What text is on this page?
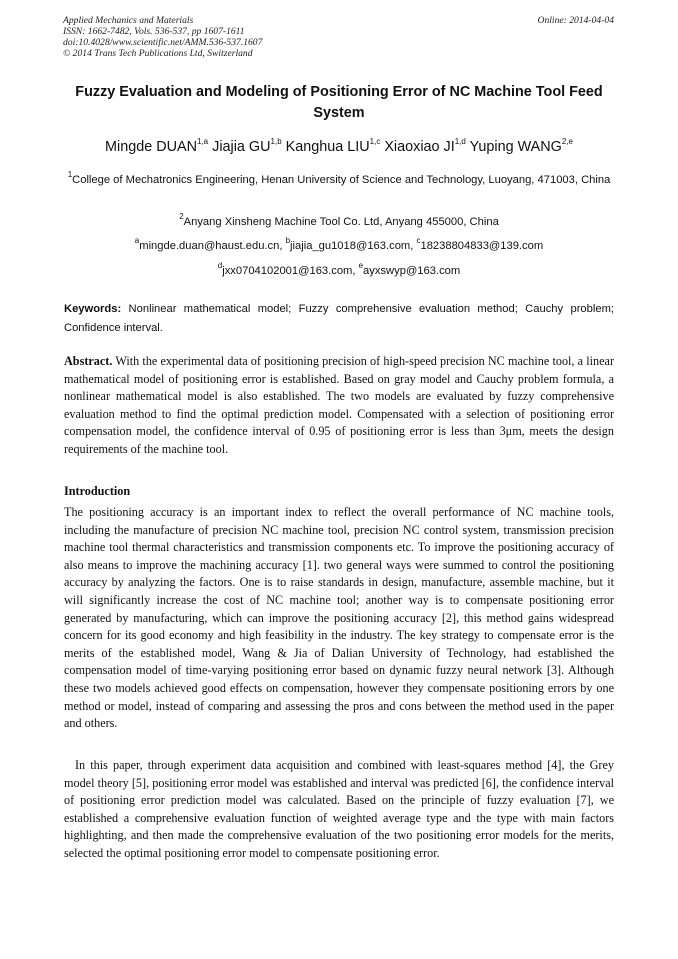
Applied Mechanics and Materials
ISSN: 1662-7482, Vols. 536-537, pp 1607-1611
doi:10.4028/www.scientific.net/AMM.536-537.1607
© 2014 Trans Tech Publications Ltd, Switzerland
Online: 2014-04-04
Fuzzy Evaluation and Modeling of Positioning Error of NC Machine Tool Feed System
Mingde DUAN$^{1,a}$ Jiajia GU$^{1,b}$ Kanghua LIU$^{1,c}$ Xiaoxiao JI$^{1,d}$ Yuping WANG$^{2,e}$
$^1$College of Mechatronics Engineering, Henan University of Science and Technology, Luoyang, 471003, China
$^2$Anyang Xinsheng Machine Tool Co. Ltd, Anyang 455000, China
$^a$mingde.duan@haust.edu.cn, $^b$jiajia_gu1018@163.com, $^c$18238804833@139.com
$^d$jxx0704102001@163.com, $^e$ayxswyp@163.com
Keywords: Nonlinear mathematical model; Fuzzy comprehensive evaluation method; Cauchy problem; Confidence interval.
Abstract. With the experimental data of positioning precision of high-speed precision NC machine tool, a linear mathematical model of positioning error is established. Based on gray model and Cauchy problem formula, a nonlinear mathematical model is also established. The two models are evaluated by fuzzy comprehensive evaluation method to find the optimal prediction model. Compensated with a selection of positioning error compensation model, the confidence interval of 0.95 of positioning error is less than 3μm, meets the design requirements of the machine tool.
Introduction
The positioning accuracy is an important index to reflect the overall performance of NC machine tools, including the manufacture of precision NC machine tool, precision NC control system, transmission precision machine tool thermal characteristics and transmission components etc. To improve the positioning accuracy of also means to improve the machining accuracy [1]. two general ways were summed to control the positioning accuracy by analyzing the factors. One is to raise standards in design, manufacture, assemble machine, but it will significantly increase the cost of NC machine tool; another way is to compensate positioning error generated by manufacturing, which can improve the positioning accuracy [2], this method gains widespread concern for its good economy and high feasibility in the industry. The key strategy to compensate error is the merits of the established model, Wang & Jia of Dalian University of Technology, had established the compensation model of time-varying positioning error based on dynamic fuzzy neural network [3]. Although these two models achieved good effects on compensation, however they compensate positioning errors by one method or model, instead of comparing and assessing the pros and cons between the method used in the paper and others.
In this paper, through experiment data acquisition and combined with least-squares method [4], the Grey model theory [5], positioning error model was established and interval was predicted [6], the confidence interval of positioning error prediction model was calculated. Based on the principle of fuzzy evaluation [7], we established a comprehensive evaluation function of weighted average type and the type with main factors highlighting, and then made the comprehensive evaluation of the two positioning error models for the merits, selected the optimal positioning error model to compensate positioning error.
